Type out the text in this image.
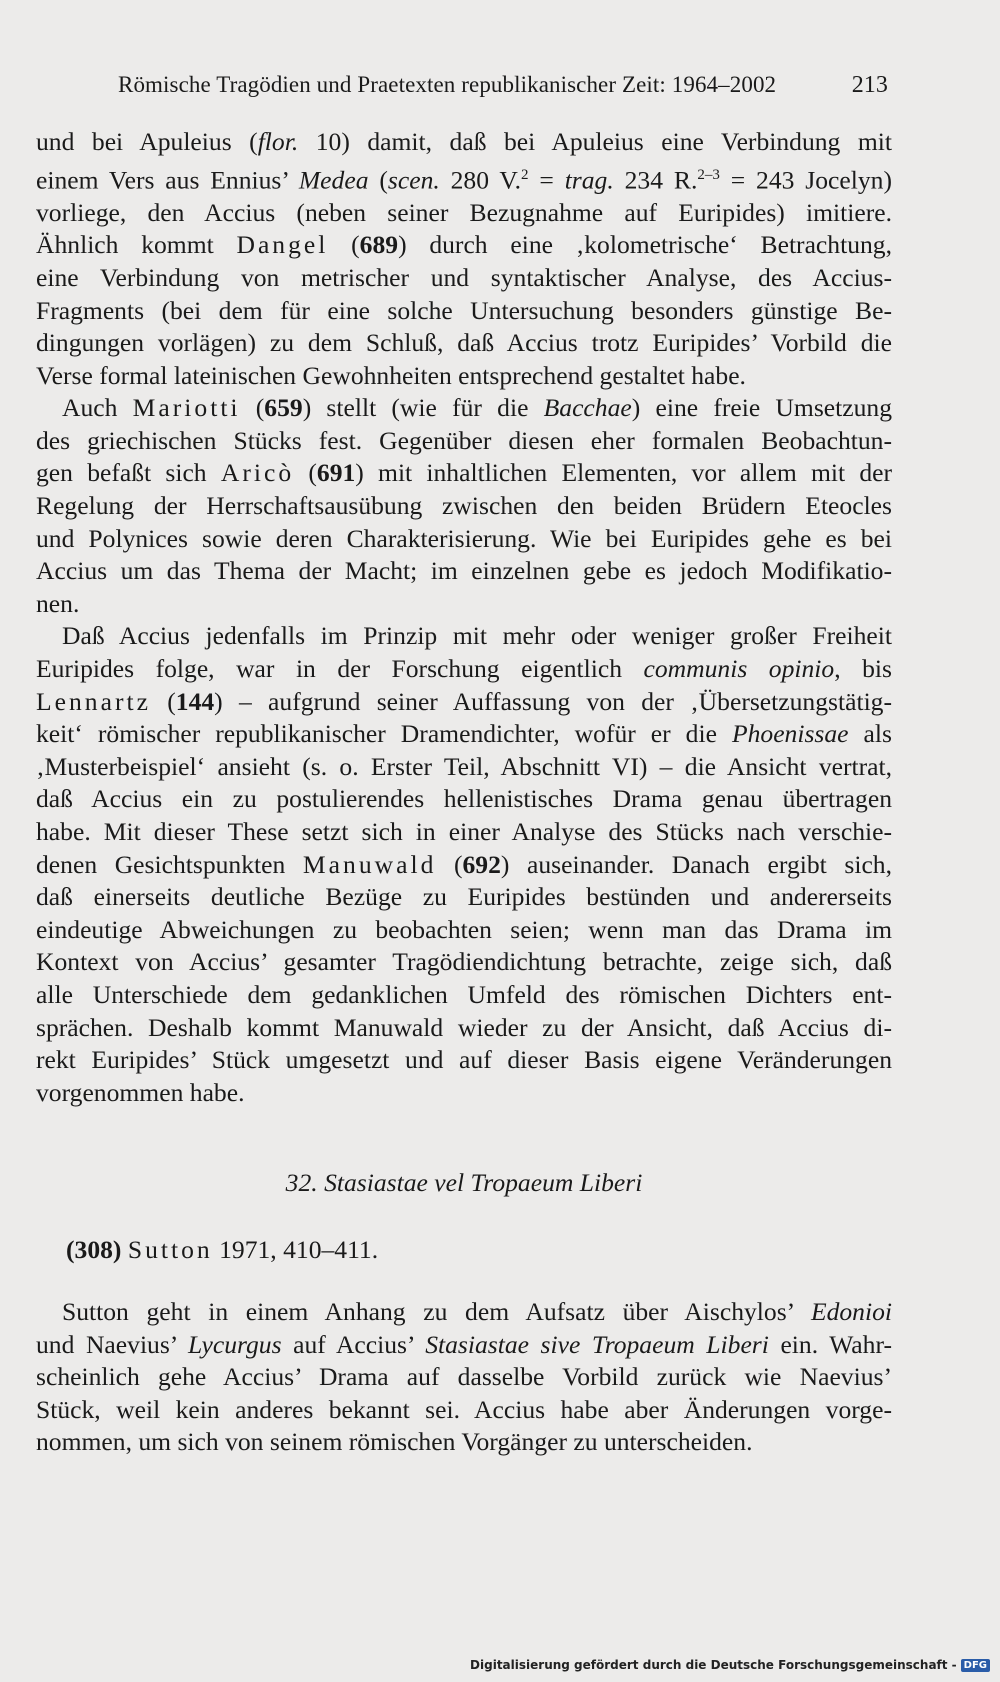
Römische Tragödien und Praetexten republikanischer Zeit: 1964–2002	213
und bei Apuleius (flor. 10) damit, daß bei Apuleius eine Verbindung mit
einem Vers aus Ennius’ Medea (scen. 280 V.$^2$ = trag. 234 R.$^{2-3}$ = 243 Jocelyn)
vorliege, den Accius (neben seiner Bezugnahme auf Euripides) imitiere.
Ähnlich kommt Dangel (689) durch eine ‚kolometrische‘ Betrachtung,
eine Verbindung von metrischer und syntaktischer Analyse, des Accius-
Fragments (bei dem für eine solche Untersuchung besonders günstige Be-
dingungen vorlägen) zu dem Schluß, daß Accius trotz Euripides’ Vorbild die
Verse formal lateinischen Gewohnheiten entsprechend gestaltet habe.
Auch Mariotti (659) stellt (wie für die Bacchae) eine freie Umsetzung
des griechischen Stücks fest. Gegenüber diesen eher formalen Beobachtun-
gen befaßt sich Aricò (691) mit inhaltlichen Elementen, vor allem mit der
Regelung der Herrschaftsausübung zwischen den beiden Brüdern Eteocles
und Polynices sowie deren Charakterisierung. Wie bei Euripides gehe es bei
Accius um das Thema der Macht; im einzelnen gebe es jedoch Modifikatio-
nen.
Daß Accius jedenfalls im Prinzip mit mehr oder weniger großer Freiheit
Euripides folge, war in der Forschung eigentlich communis opinio, bis
Lennartz (144) – aufgrund seiner Auffassung von der ‚Übersetzungstätig-
keit‘ römischer republikanischer Dramendichter, wofür er die Phoenissae als
‚Musterbeispiel‘ ansieht (s. o. Erster Teil, Abschnitt VI) – die Ansicht vertrat,
daß Accius ein zu postulierendes hellenistisches Drama genau übertragen
habe. Mit dieser These setzt sich in einer Analyse des Stücks nach verschie-
denen Gesichtspunkten Manuwald (692) auseinander. Danach ergibt sich,
daß einerseits deutliche Bezüge zu Euripides bestünden und andererseits
eindeutige Abweichungen zu beobachten seien; wenn man das Drama im
Kontext von Accius’ gesamter Tragödiendichtung betrachte, zeige sich, daß
alle Unterschiede dem gedanklichen Umfeld des römischen Dichters ent-
sprächen. Deshalb kommt Manuwald wieder zu der Ansicht, daß Accius di-
rekt Euripides’ Stück umgesetzt und auf dieser Basis eigene Veränderungen
vorgenommen habe.
32. Stasiastae vel Tropaeum Liberi
(308) Sutton 1971, 410–411.
Sutton geht in einem Anhang zu dem Aufsatz über Aischylos’ Edonioi
und Naevius’ Lycurgus auf Accius’ Stasiastae sive Tropaeum Liberi ein. Wahr-
scheinlich gehe Accius’ Drama auf dasselbe Vorbild zurück wie Naevius’
Stück, weil kein anderes bekannt sei. Accius habe aber Änderungen vorge-
nommen, um sich von seinem römischen Vorgänger zu unterscheiden.
Digitalisierung gefördert durch die Deutsche Forschungsgemeinschaft - DFG
